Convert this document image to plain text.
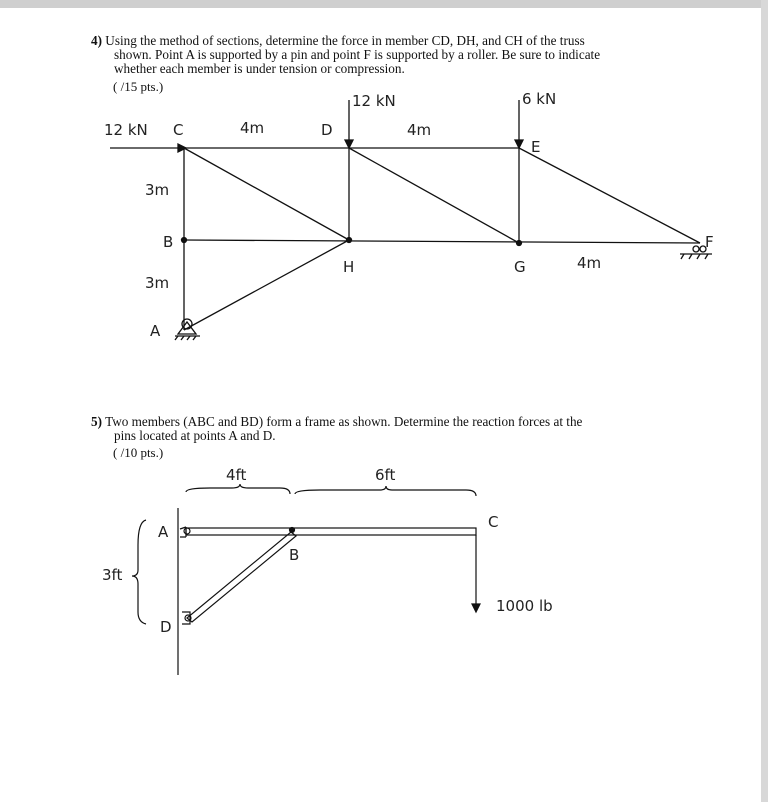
4) Using the method of sections, determine the force in member CD, DH, and CH of the truss
shown. Point A is supported by a pin and point F is supported by a roller. Be sure to indicate
whether each member is under tension or compression.
( /15 pts.)
5) Two members (ABC and BD) form a frame as shown. Determine the reaction forces at the
pins located at points A and D.
( /10 pts.)
12 kN	6 kN
12 kN C	4m	D	4m
E
3m
B
H	G	4m
F
3m
A
4ft	6ft
3ft
A
C
B
D
1000 lb
